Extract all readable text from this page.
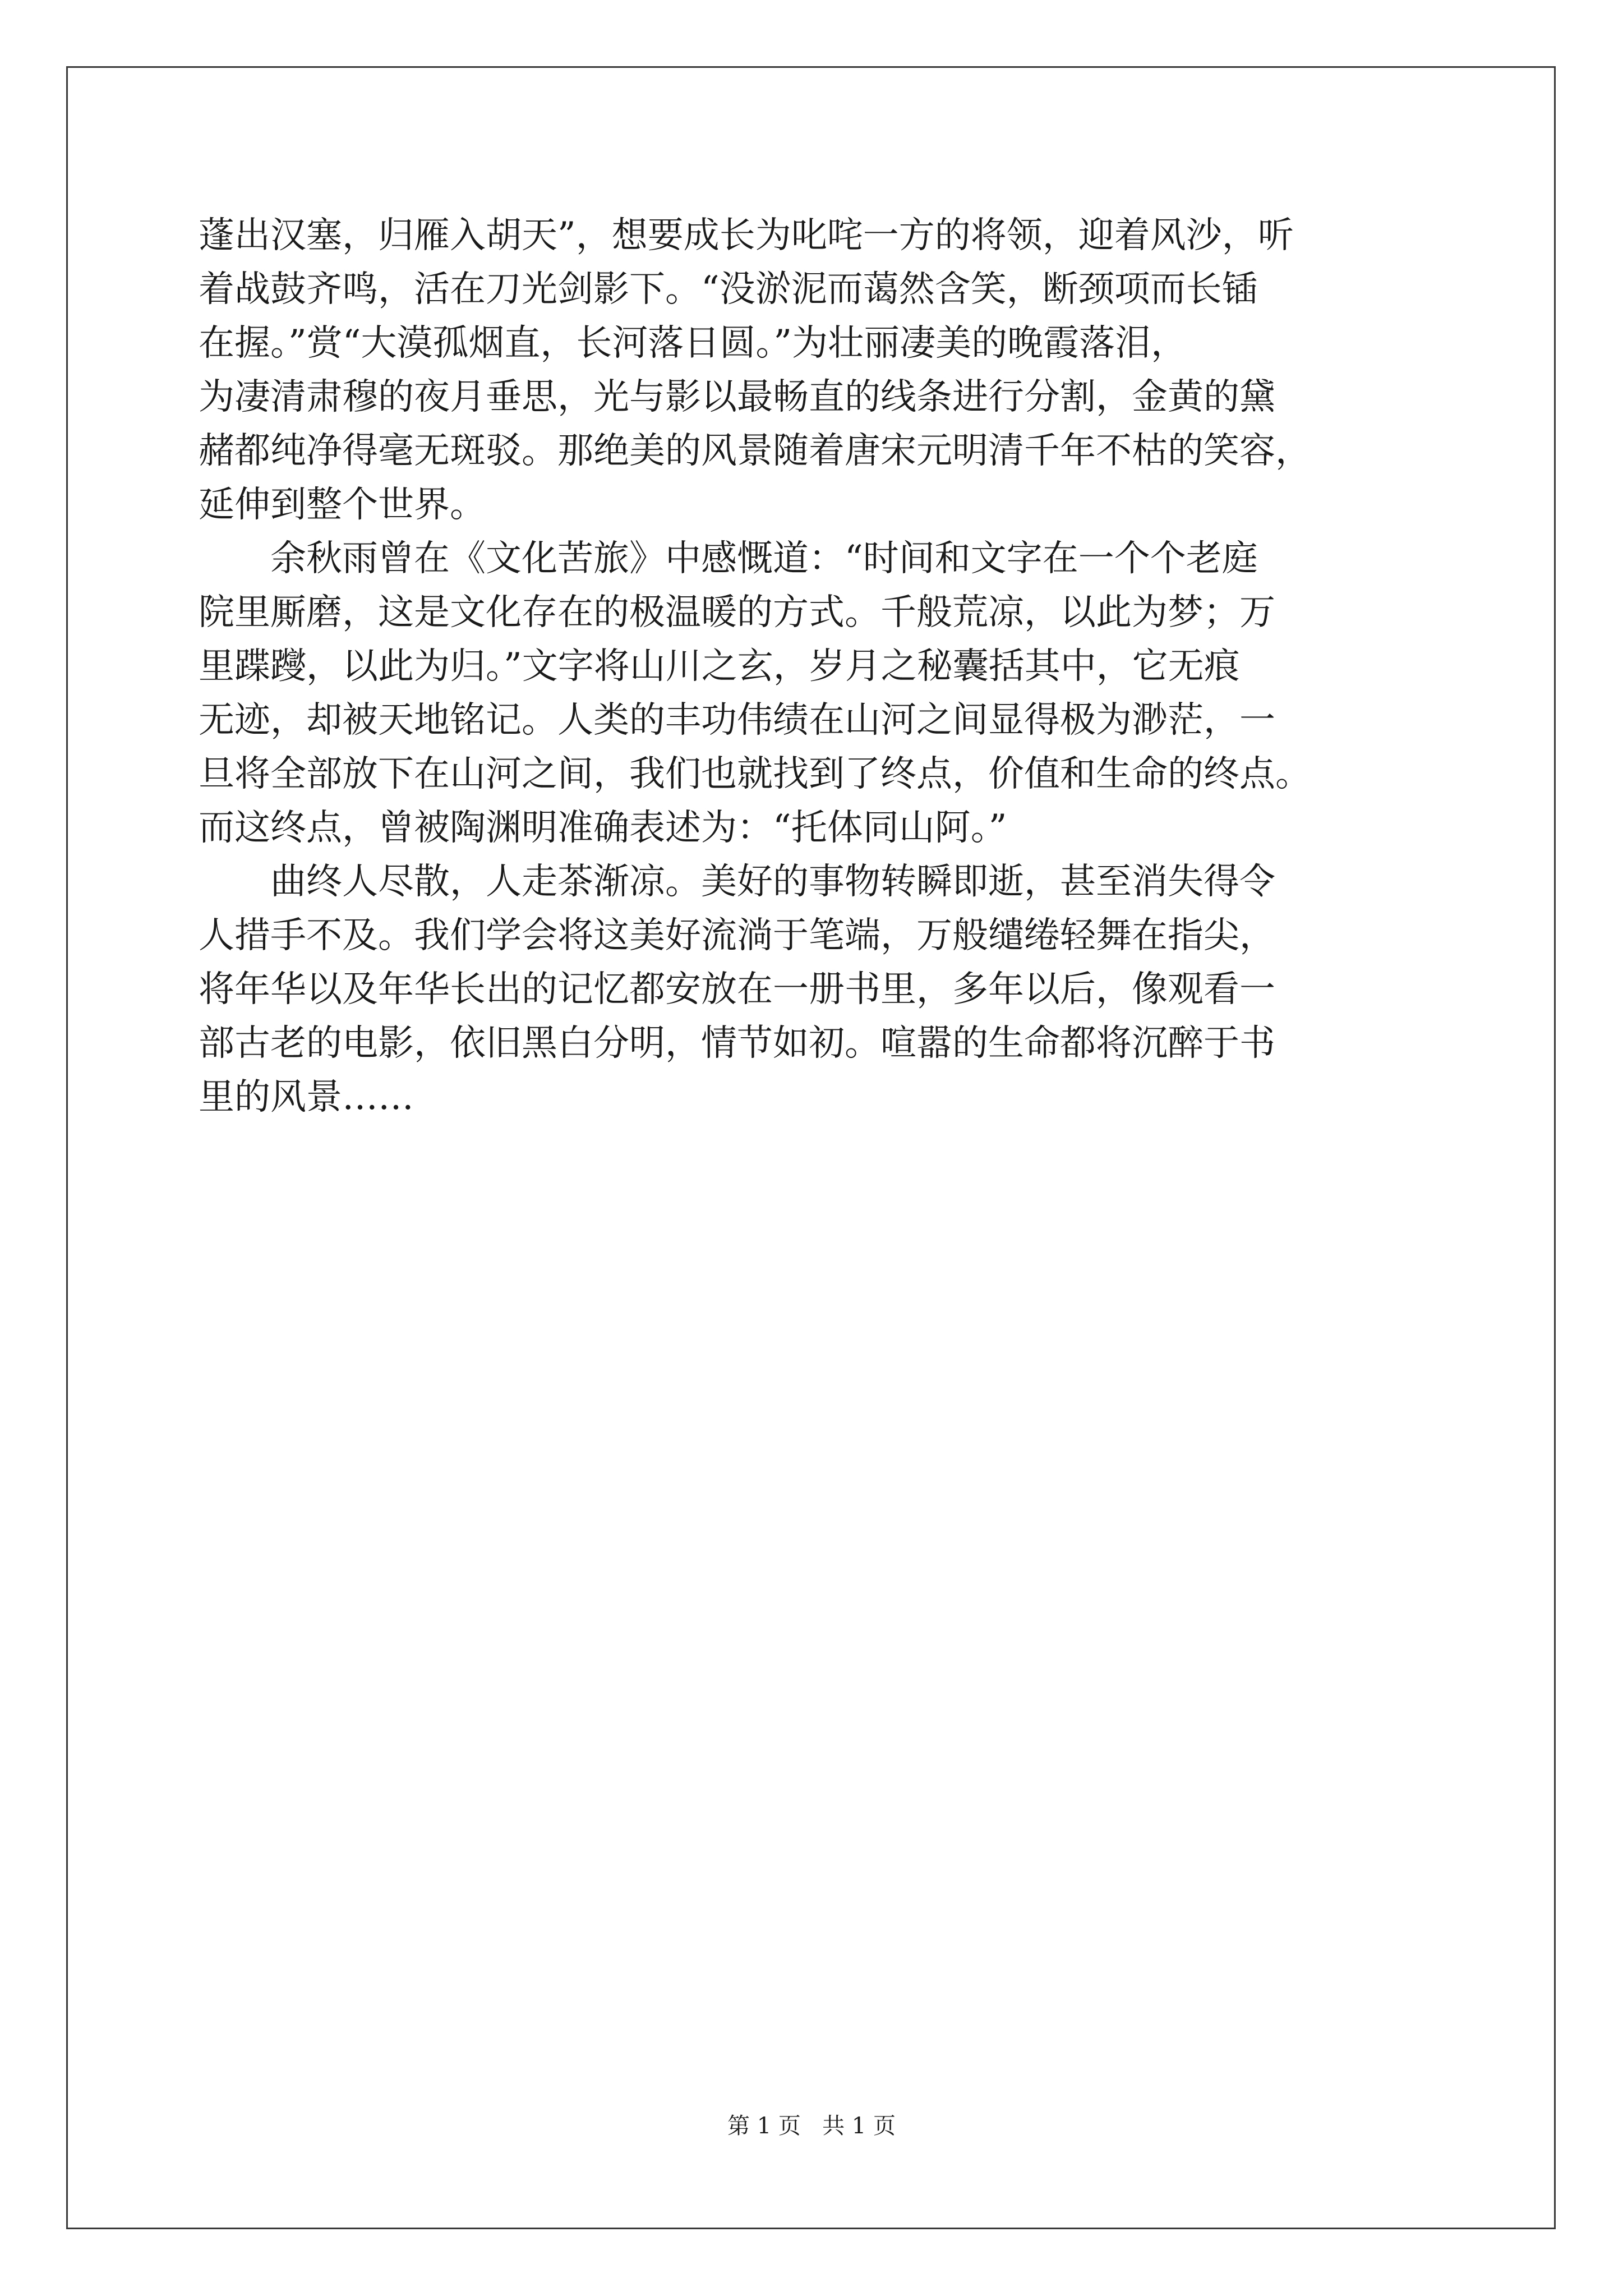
蓬出汉塞，归雁入胡天”，想要成长为叱咤一方的将领，迎着风沙，听
着战鼓齐鸣，活在刀光剑影下。“没淤泥而蔼然含笑，断颈项而长锸
在握。”赏“大漠孤烟直，长河落日圆。”为壮丽凄美的晚霞落泪，
为凄清肃穆的夜月垂思，光与影以最畅直的线条进行分割，金黄的黛
赭都纯净得毫无斑驳。那绝美的风景随着唐宋元明清千年不枯的笑容，
延伸到整个世界。
　　余秋雨曾在《文化苦旅》中感慨道：“时间和文字在一个个老庭
院里厮磨，这是文化存在的极温暖的方式。千般荒凉，以此为梦；万
里蹀躞，以此为归。”文字将山川之玄，岁月之秘囊括其中，它无痕
无迹，却被天地铭记。人类的丰功伟绩在山河之间显得极为渺茫，一
旦将全部放下在山河之间，我们也就找到了终点，价值和生命的终点。
而这终点，曾被陶渊明准确表述为：“托体同山阿。”
　　曲终人尽散，人走茶渐凉。美好的事物转瞬即逝，甚至消失得令
人措手不及。我们学会将这美好流淌于笔端，万般缱绻轻舞在指尖，
将年华以及年华长出的记忆都安放在一册书里，多年以后，像观看一
部古老的电影，依旧黑白分明，情节如初。喧嚣的生命都将沉醉于书
里的风景……
第 1 页   共 1 页
